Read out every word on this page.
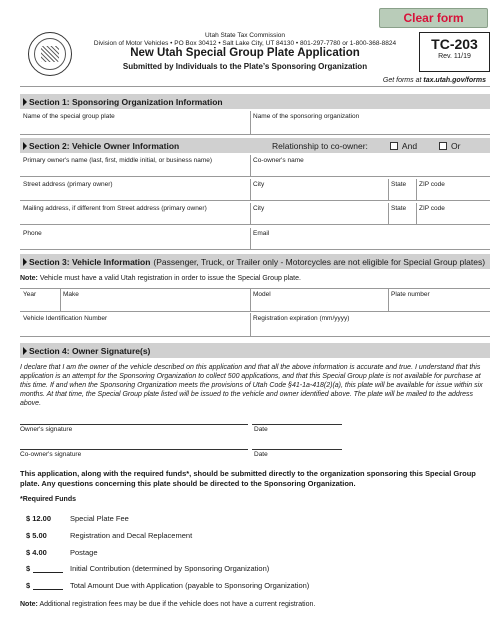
Clear form
Utah State Tax Commission
Division of Motor Vehicles • PO Box 30412 • Salt Lake City, UT 84130 • 801-297-7780 or 1-800-368-8824
New Utah Special Group Plate Application
Submitted by Individuals to the Plate’s Sponsoring Organization
TC-203
Rev. 11/19
Get forms at tax.utah.gov/forms
Section 1: Sponsoring Organization Information
Name of the special group plate	Name of the sponsoring organization
Section 2: Vehicle Owner Information	Relationship to co-owner:	And	Or
Primary owner's name (last, first, middle initial, or business name)	Co-owner's name
Street address (primary owner)	City	State	ZIP code
Mailing address, if different from Street address (primary owner)	City	State	ZIP code
Phone	Email
Section 3: Vehicle Information (Passenger, Truck, or Trailer only - Motorcycles are not eligible for Special Group plates)
Note: Vehicle must have a valid Utah registration in order to issue the Special Group plate.
Year	Make	Model	Plate number
Vehicle Identification Number	Registration expiration (mm/yyyy)
Section 4: Owner Signature(s)
I declare that I am the owner of the vehicle described on this application and that all the above information is accurate and true. I understand that this application is an attempt for the Sponsoring Organization to collect 500 applications, and that this Special Group plate is not available for purchase at this time. If and when the Sponsoring Organization meets the provisions of Utah Code §41-1a-418(2)(a), this plate will be available for issue within six months. At that time, the Special Group plate listed will be issued to the vehicle and owner identified above. The plate will be mailed to the address above.
Owner's signature	Date
Co-owner's signature	Date
This application, along with the required funds*, should be submitted directly to the organization sponsoring this Special Group plate. Any questions concerning this plate should be directed to the Sponsoring Organization.
*Required Funds
$ 12.00	Special Plate Fee
$ 5.00	Registration and Decal Replacement
$ 4.00	Postage
$	Initial Contribution (determined by Sponsoring Organization)
$	Total Amount Due with Application (payable to Sponsoring Organization)
Note: Additional registration fees may be due if the vehicle does not have a current registration.
